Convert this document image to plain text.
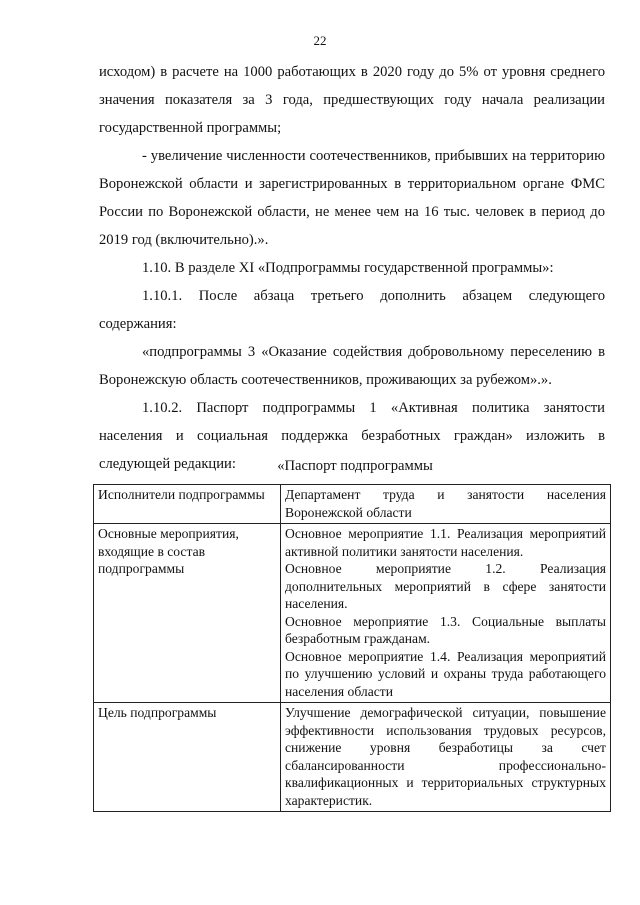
22

исходом) в расчете на 1000 работающих в 2020 году до 5% от уровня среднего значения показателя за 3 года, предшествующих году начала реализации государственной программы;

- увеличение численности соотечественников, прибывших на территорию Воронежской области и зарегистрированных в территориальном органе ФМС России по Воронежской области, не менее чем на 16 тыс. человек в период до 2019 год (включительно).».

1.10. В разделе XI «Подпрограммы государственной программы»:

1.10.1. После абзаца третьего дополнить абзацем следующего содержания:

«подпрограммы 3 «Оказание содействия добровольному переселению в Воронежскую область соотечественников, проживающих за рубежом».».

1.10.2. Паспорт подпрограммы 1 «Активная политика занятости населения и социальная поддержка безработных граждан» изложить в следующей редакции:	«Паспорт подпрограммы

Исполнители подпрограммы	Департамент труда и занятости населения Воронежской области

Основные мероприятия, входящие в состав подпрограммы	Основное мероприятие 1.1. Реализация мероприятий активной политики занятости населения.

Основное мероприятие 1.2. Реализация дополнительных мероприятий в сфере занятости населения.

Основное мероприятие 1.3. Социальные выплаты безработным гражданам.

Основное мероприятие 1.4. Реализация мероприятий по улучшению условий и охраны труда работающего населения области

Цель подпрограммы	Улучшение демографической ситуации, повышение эффективности использования трудовых ресурсов, снижение уровня безработицы за счет сбалансированности профессионально-квалификационных и территориальных структурных характеристик.
